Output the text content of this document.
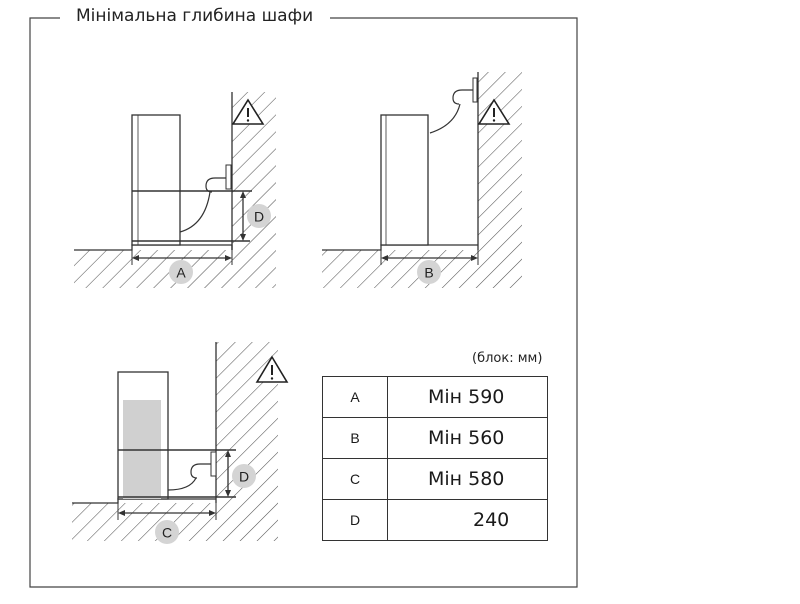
A
D
B
C
D
Мінімальна глибина шафи
(блок: мм)
A	Мін 590
B	Мін 560
C	Мін 580
D	240
